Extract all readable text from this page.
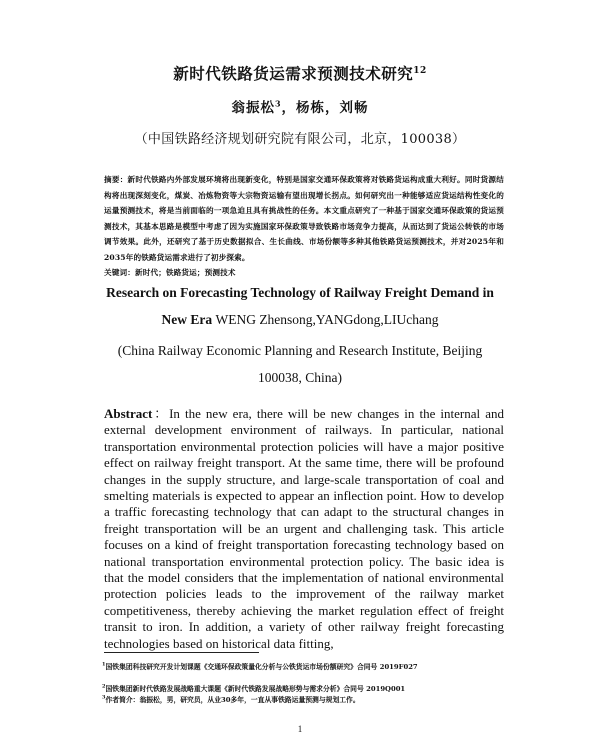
新时代铁路货运需求预测技术研究$^{12}$
翁振松$^3$，杨栋，刘畅
（中国铁路经济规划研究院有限公司，北京，100038）
摘要：新时代铁路内外部发展环境将出现新变化，特别是国家交通环保政策将对铁路货运构成重大利好。同时货源结构将出现深刻变化，煤炭、冶炼物资等大宗物资运输有望出现增长拐点。如何研究出一种能够适应货运结构性变化的运量预测技术，将是当前面临的一项急迫且具有挑战性的任务。本文重点研究了一种基于国家交通环保政策的货运预测技术，其基本思路是模型中考虑了因为实施国家环保政策导致铁路市场竞争力提高，从而达到了货运公转铁的市场调节效果。此外，还研究了基于历史数据拟合、生长曲线、市场份额等多种其他铁路货运预测技术，并对2025年和2035年的铁路货运需求进行了初步探索。
关键词：新时代；铁路货运；预测技术
Research on Forecasting Technology of Railway Freight Demand in
New Era WENG Zhensong,YANGdong,LIUchang
(China Railway Economic Planning and Research Institute, Beijing
100038, China)
Abstract：In the new era, there will be new changes in the internal and external development environment of railways. In particular, national transportation environmental protection policies will have a major positive effect on railway freight transport. At the same time, there will be profound changes in the supply structure, and large-scale transportation of coal and smelting materials is expected to appear an inflection point. How to develop a traffic forecasting technology that can adapt to the structural changes in freight transportation will be an urgent and challenging task. This article focuses on a kind of freight transportation forecasting technology based on national transportation environmental protection policy. The basic idea is that the model considers that the implementation of national environmental protection policies leads to the improvement of the railway market competitiveness, thereby achieving the market regulation effect of freight transit to iron. In addition, a variety of other railway freight forecasting technologies based on historical data fitting,
$^1$国铁集团科技研究开发计划课题《交通环保政策量化分析与公铁货运市场份额研究》合同号 2019F027
$^2$国铁集团新时代铁路发展战略重大课题《新时代铁路发展战略形势与需求分析》合同号 2019Q001
$^3$作者简介：翁振松，男，研究员，从业30多年，一直从事铁路运量预测与规划工作。
1
